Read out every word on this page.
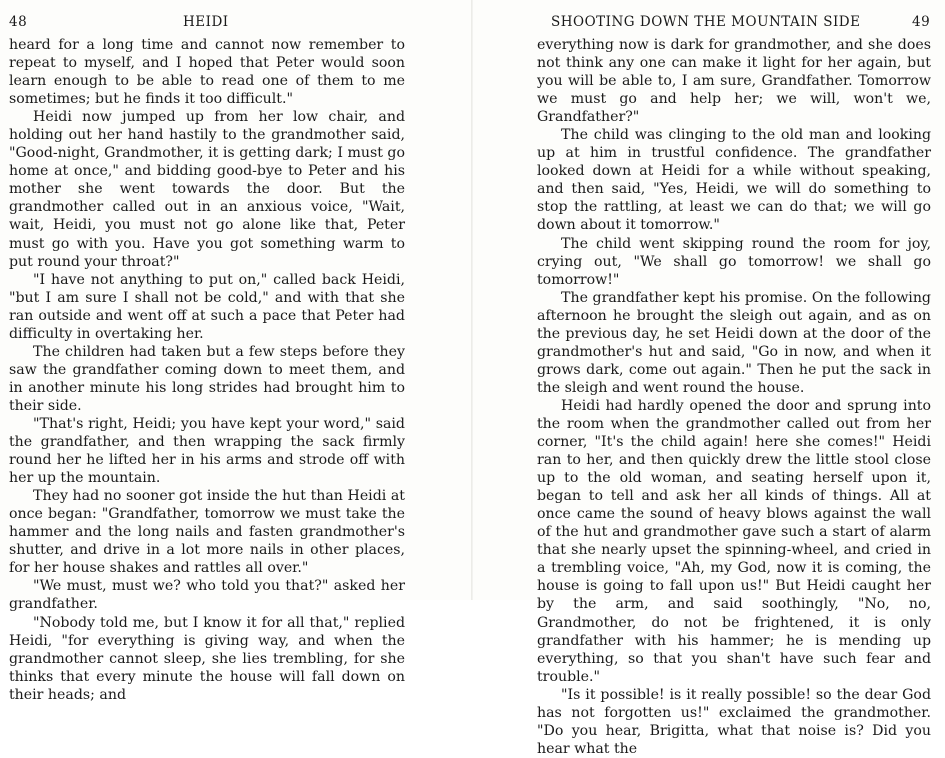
48	HEIDI

heard for a long time and cannot now remember to repeat to myself, and I hoped that Peter would soon learn enough to be able to read one of them to me sometimes; but he finds it too difficult."

Heidi now jumped up from her low chair, and holding out her hand hastily to the grandmother said, "Good-night, Grandmother, it is getting dark; I must go home at once," and bidding good-bye to Peter and his mother she went towards the door. But the grandmother called out in an anxious voice, "Wait, wait, Heidi, you must not go alone like that, Peter must go with you. Have you got something warm to put round your throat?"

"I have not anything to put on," called back Heidi, "but I am sure I shall not be cold," and with that she ran outside and went off at such a pace that Peter had difficulty in overtaking her.

The children had taken but a few steps before they saw the grandfather coming down to meet them, and in another minute his long strides had brought him to their side.

"That's right, Heidi; you have kept your word," said the grandfather, and then wrapping the sack firmly round her he lifted her in his arms and strode off with her up the mountain.

They had no sooner got inside the hut than Heidi at once began: "Grandfather, tomorrow we must take the hammer and the long nails and fasten grandmother's shutter, and drive in a lot more nails in other places, for her house shakes and rattles all over."

"We must, must we? who told you that?" asked her grandfather.

"Nobody told me, but I know it for all that," replied Heidi, "for everything is giving way, and when the grandmother cannot sleep, she lies trembling, for she thinks that every minute the house will fall down on their heads; and

SHOOTING DOWN THE MOUNTAIN SIDE	49

everything now is dark for grandmother, and she does not think any one can make it light for her again, but you will be able to, I am sure, Grandfather. Tomorrow we must go and help her; we will, won't we, Grandfather?"

The child was clinging to the old man and looking up at him in trustful confidence. The grandfather looked down at Heidi for a while without speaking, and then said, "Yes, Heidi, we will do something to stop the rattling, at least we can do that; we will go down about it tomorrow."

The child went skipping round the room for joy, crying out, "We shall go tomorrow! we shall go tomorrow!"

The grandfather kept his promise. On the following afternoon he brought the sleigh out again, and as on the previous day, he set Heidi down at the door of the grandmother's hut and said, "Go in now, and when it grows dark, come out again." Then he put the sack in the sleigh and went round the house.

Heidi had hardly opened the door and sprung into the room when the grandmother called out from her corner, "It's the child again! here she comes!" Heidi ran to her, and then quickly drew the little stool close up to the old woman, and seating herself upon it, began to tell and ask her all kinds of things. All at once came the sound of heavy blows against the wall of the hut and grandmother gave such a start of alarm that she nearly upset the spinning-wheel, and cried in a trembling voice, "Ah, my God, now it is coming, the house is going to fall upon us!" But Heidi caught her by the arm, and said soothingly, "No, no, Grandmother, do not be frightened, it is only grandfather with his hammer; he is mending up everything, so that you shan't have such fear and trouble."

"Is it possible! is it really possible! so the dear God has not forgotten us!" exclaimed the grandmother. "Do you hear, Brigitta, what that noise is? Did you hear what the
